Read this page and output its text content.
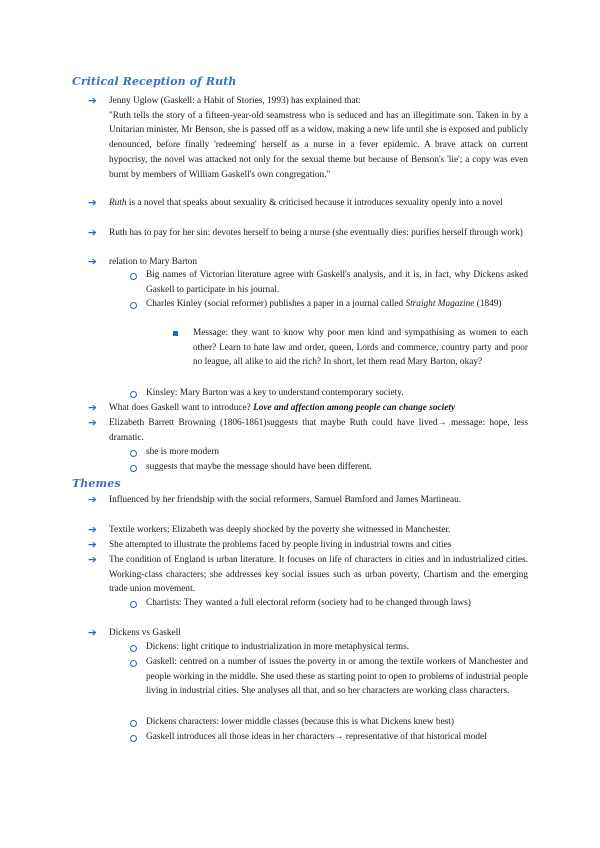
Critical Reception of Ruth
➔ Jenny Uglow (Gaskell: a Habit of Stories, 1993) has explained that:

"Ruth tells the story of a fifteen-year-old seamstress who is seduced and has an illegitimate son. Taken in by a Unitarian minister, Mr Benson, she is passed off as a widow, making a new life until she is exposed and publicly denounced, before finally 'redeeming' herself as a nurse in a fever epidemic. A brave attack on current hypocrisy, the novel was attacked not only for the sexual theme but because of Benson's 'lie'; a copy was even burnt by members of William Gaskell's own congregation."

➔ Ruth is a novel that speaks about sexuality & criticised because it introduces sexuality openly into a novel
➔ Ruth has to pay for her sin: devotes herself to being a nurse (she eventually dies: purifies herself through work)
➔ relation to Mary Barton
Big names of Victorian literature agree with Gaskell's analysis, and it is, in fact, why Dickens asked Gaskell to participate in his journal.
Charles Kinley (social reformer) publishes a paper in a journal called Straight Magazine (1849)
Message: they want to know why poor men kind and sympathising as women to each other? Learn to hate law and order, queen, Lords and commerce, country party and poor no league, all alike to aid the rich? In short, let them read Mary Barton, okay?
Kinsley: Mary Barton was a key to understand contemporary society.
➔ What does Gaskell want to introduce? Love and affection among people can change society
➔ Elizabeth Barrett Browning (1806-1861)suggests that maybe Ruth could have lived→ message: hope, less dramatic.
she is more modern
suggests that maybe the message should have been different.
Themes
➔ Influenced by her friendship with the social reformers, Samuel Bamford and James Martineau.
➔ Textile workers; Elizabeth was deeply shocked by the poverty she witnessed in Manchester.
➔ She attempted to illustrate the problems faced by people living in industrial towns and cities
➔ The condition of England is urban literature. It focuses on life of characters in cities and in industrialized cities. Working-class characters; she addresses key social issues such as urban poverty, Chartism and the emerging trade union movement.
Chartists: They wanted a full electoral reform (society had to be changed through laws)
➔ Dickens vs Gaskell
Dickens: light critique to industrialization in more metaphysical terms.
Gaskell: centred on a number of issues the poverty in or among the textile workers of Manchester and people working in the middle. She used these as starting point to open to problems of industrial people living in industrial cities. She analyses all that, and so her characters are working class characters.
Dickens characters: lower middle classes (because this is what Dickens knew best)
Gaskell introduces all those ideas in her characters→ representative of that historical model
